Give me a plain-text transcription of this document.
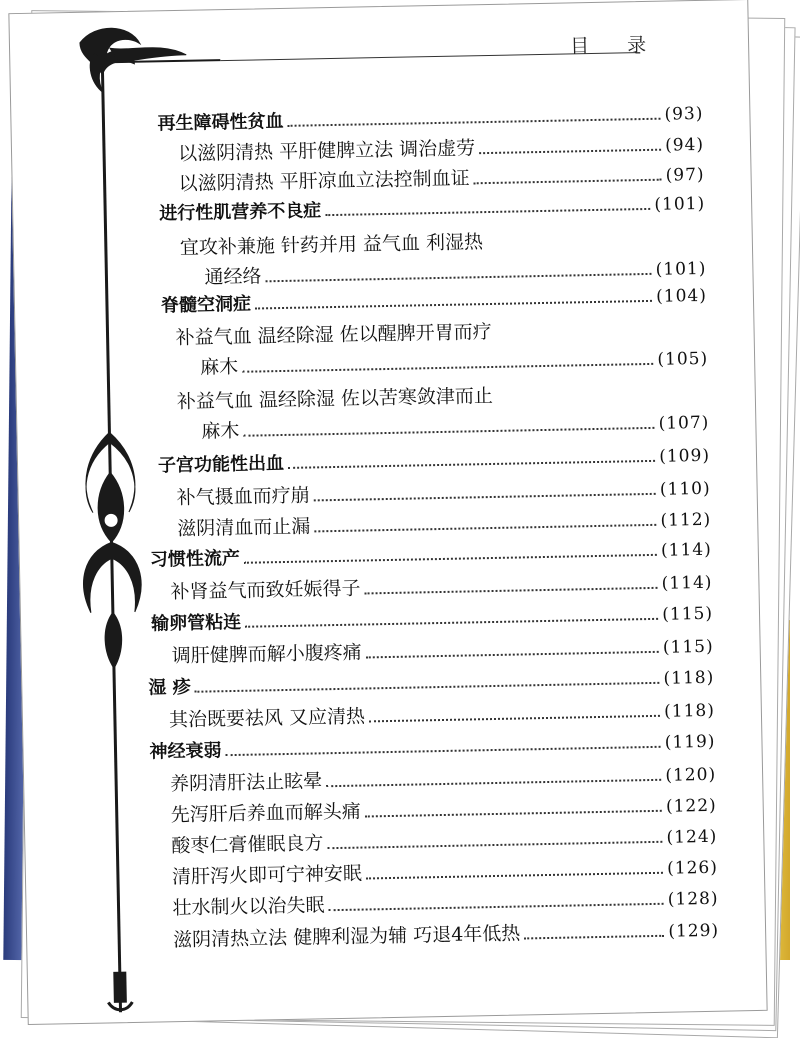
目 录
再生障碍性贫血	(93)
以滋阴清热 平肝健脾立法 调治虚劳	(94)
以滋阴清热 平肝凉血立法控制血证	(97)
进行性肌营养不良症	(101)
宜攻补兼施 针药并用 益气血 利湿热
通经络	(101)
脊髓空洞症	(104)
补益气血 温经除湿 佐以醒脾开胃而疗
麻木	(105)
补益气血 温经除湿 佐以苦寒敛津而止
麻木	(107)
子宫功能性出血	(109)
补气摄血而疗崩	(110)
滋阴清血而止漏	(112)
习惯性流产	(114)
补肾益气而致妊娠得子	(114)
输卵管粘连	(115)
调肝健脾而解小腹疼痛	(115)
湿 疹	(118)
其治既要祛风 又应清热	(118)
神经衰弱	(119)
养阴清肝法止眩晕	(120)
先泻肝后养血而解头痛	(122)
酸枣仁膏催眠良方	(124)
清肝泻火即可宁神安眠	(126)
壮水制火以治失眠	(128)
滋阴清热立法 健脾利湿为辅 巧退4年低热	(129)
